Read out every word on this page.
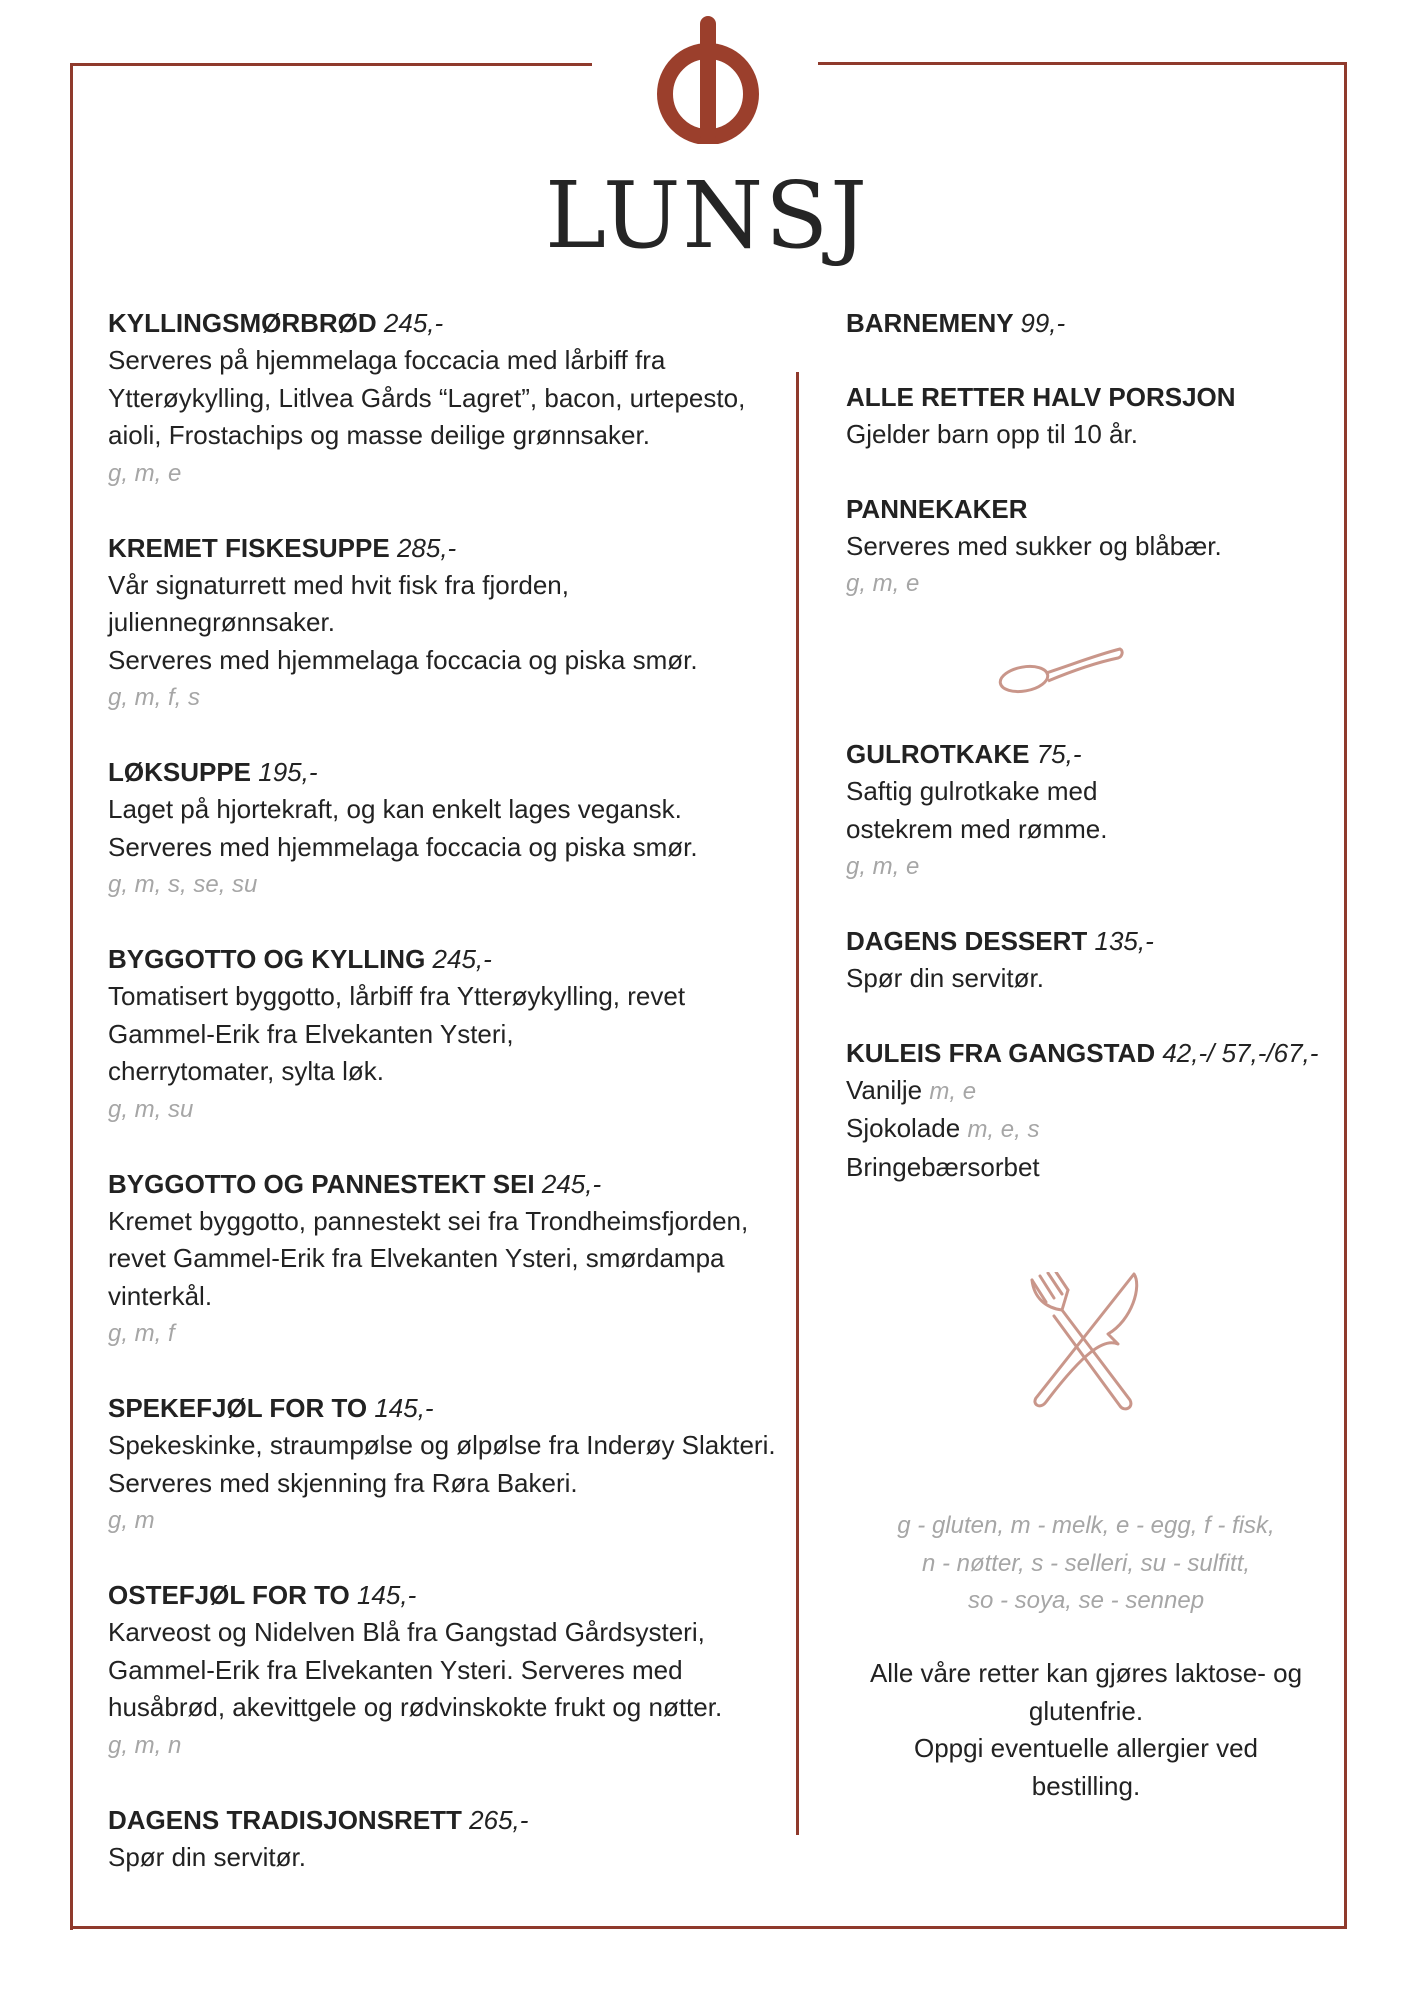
LUNSJ
KYLLINGSMØRBRØD 245,-
Serveres på hjemmelaga foccacia med lårbiff fra
Ytterøykylling, Litlvea Gårds “Lagret”, bacon, urtepesto,
aioli, Frostachips og masse deilige grønnsaker.
g, m, e
KREMET FISKESUPPE 285,-
Vår signaturrett med hvit fisk fra fjorden,
juliennegrønnsaker.
Serveres med hjemmelaga foccacia og piska smør.
g, m, f, s
LØKSUPPE 195,-
Laget på hjortekraft, og kan enkelt lages vegansk.
Serveres med hjemmelaga foccacia og piska smør.
g, m, s, se, su
BYGGOTTO OG KYLLING 245,-
Tomatisert byggotto, lårbiff fra Ytterøykylling, revet
Gammel-Erik fra Elvekanten Ysteri,
cherrytomater, sylta løk.
g, m, su
BYGGOTTO OG PANNESTEKT SEI 245,-
Kremet byggotto, pannestekt sei fra Trondheimsfjorden,
revet Gammel-Erik fra Elvekanten Ysteri, smørdampa
vinterkål.
g, m, f
SPEKEFJØL FOR TO 145,-
Spekeskinke, straumpølse og ølpølse fra Inderøy Slakteri.
Serveres med skjenning fra Røra Bakeri.
g, m
OSTEFJØL FOR TO 145,-
Karveost og Nidelven Blå fra Gangstad Gårdsysteri,
Gammel-Erik fra Elvekanten Ysteri. Serveres med
husåbrød, akevittgele og rødvinskokte frukt og nøtter.
g, m, n
DAGENS TRADISJONSRETT 265,-
Spør din servitør.
BARNEMENY 99,-
ALLE RETTER HALV PORSJON
Gjelder barn opp til 10 år.
PANNEKAKER
Serveres med sukker og blåbær.
g, m, e
GULROTKAKE 75,-
Saftig gulrotkake med
ostekrem med rømme.
g, m, e
DAGENS DESSERT 135,-
Spør din servitør.
KULEIS FRA GANGSTAD 42,-/ 57,-/67,-
Vanilje m, e
Sjokolade m, e, s
Bringebærsorbet
g - gluten, m - melk, e - egg, f - fisk,
n - nøtter, s - selleri, su - sulfitt,
so - soya, se - sennep
Alle våre retter kan gjøres laktose- og
glutenfrie.
Oppgi eventuelle allergier ved
bestilling.
